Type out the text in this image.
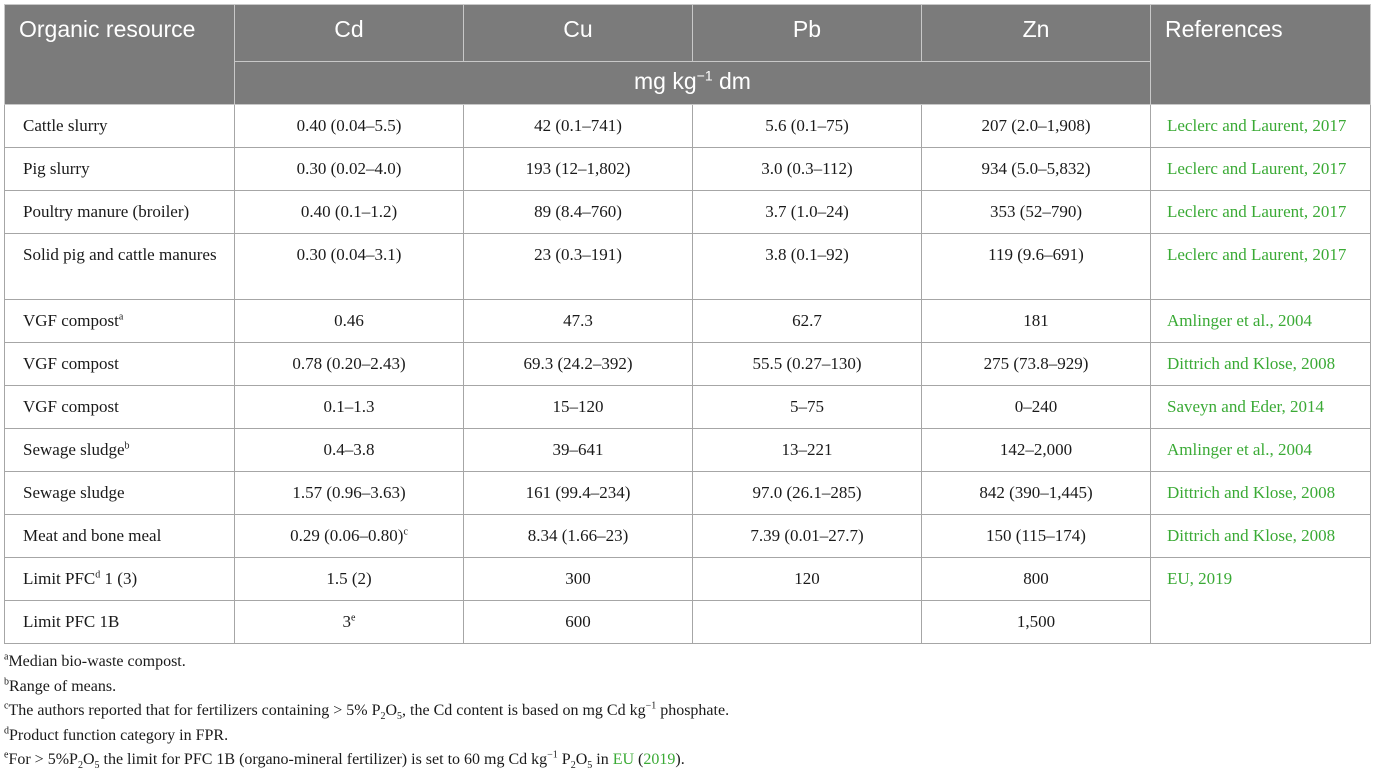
Organic resource	Cd	Cu	Pb	Zn	References
	mg $kg^{-1}$ dm				
Cattle slurry	0.40 (0.04–5.5)	42 (0.1–741)	5.6 (0.1–75)	207 (2.0–1,908)	Leclerc and Laurent, 2017
Pig slurry	0.30 (0.02–4.0)	193 (12–1,802)	3.0 (0.3–112)	934 (5.0–5,832)	Leclerc and Laurent, 2017
Poultry manure (broiler)	0.40 (0.1–1.2)	89 (8.4–760)	3.7 (1.0–24)	353 (52–790)	Leclerc and Laurent, 2017
Solid pig and cattle manures	0.30 (0.04–3.1)	23 (0.3–191)	3.8 (0.1–92)	119 (9.6–691)	Leclerc and Laurent, 2017
VGF compost$^a$	0.46	47.3	62.7	181	Amlinger et al., 2004
VGF compost	0.78 (0.20–2.43)	69.3 (24.2–392)	55.5 (0.27–130)	275 (73.8–929)	Dittrich and Klose, 2008
VGF compost	0.1–1.3	15–120	5–75	0–240	Saveyn and Eder, 2014
Sewage sludge$^b$	0.4–3.8	39–641	13–221	142–2,000	Amlinger et al., 2004
Sewage sludge	1.57 (0.96–3.63)	161 (99.4–234)	97.0 (26.1–285)	842 (390–1,445)	Dittrich and Klose, 2008
Meat and bone meal	0.29 $(0.06-0.80)^c$	8.34 (1.66–23)	7.39 (0.01–27.7)	150 (115–174)	Dittrich and Klose, 2008
Limit PFC$^d$ 1 (3)	1.5 (2)	300	120	800	EU, 2019
Limit PFC 1B	3e	600		1,500	
$^a$Median bio-waste compost.
$^b$Range of means.
$^c$The authors reported that for fertilizers containing > 5% $P_2O_5$, the Cd content is based on mg Cd $kg^{-1}$ phosphate.
$^d$Product function category in FPR.
$^eFor > 5\%P_2O_5$ the limit for PFC 1B (organo-mineral fertilizer) is set to 60 mg Cd $kg^{-1}$ $P_2O_5$ in EU (2019).
